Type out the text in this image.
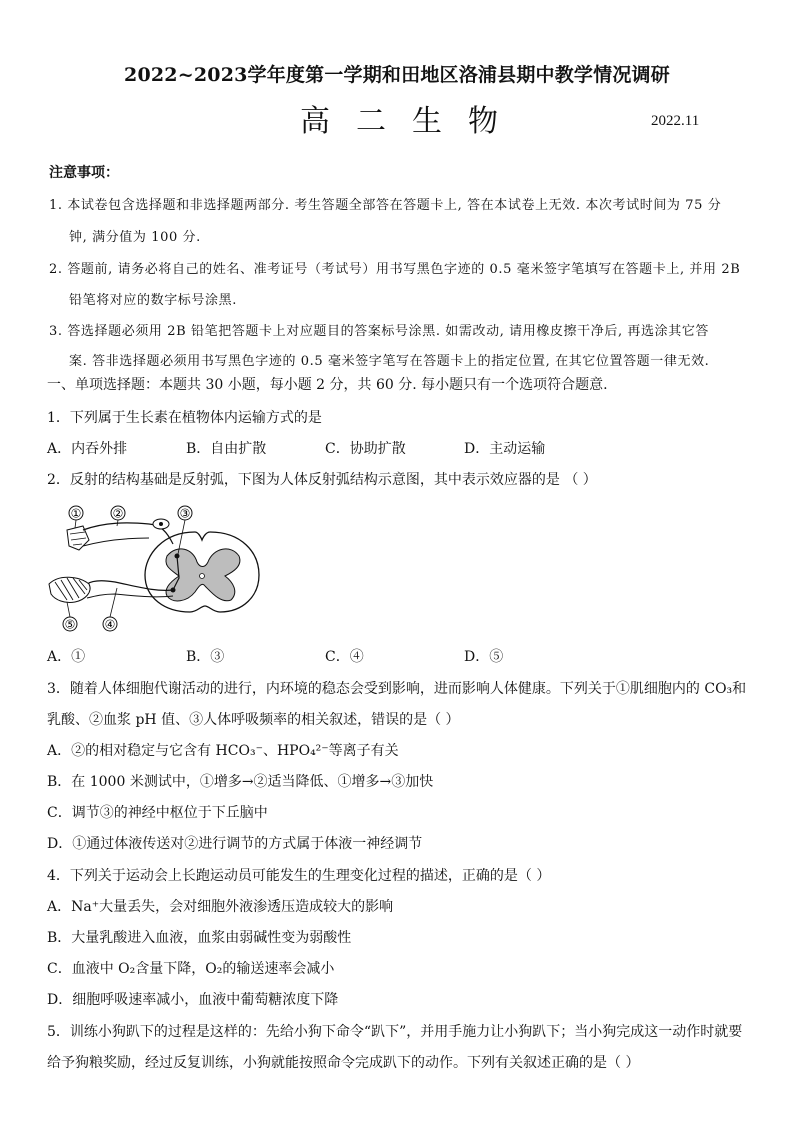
2022~2023学年度第一学期和田地区洛浦县期中教学情况调研
高二生物	2022.11
注意事项：
1. 本试卷包含选择题和非选择题两部分. 考生答题全部答在答题卡上, 答在本试卷上无效. 本次考试时间为 75 分
钟, 满分值为 100 分.
2. 答题前, 请务必将自己的姓名、准考证号（考试号）用书写黑色字迹的 0.5 毫米签字笔填写在答题卡上, 并用 2B
铅笔将对应的数字标号涂黑.
3. 答选择题必须用 2B 铅笔把答题卡上对应题目的答案标号涂黑. 如需改动, 请用橡皮擦干净后, 再选涂其它答
案. 答非选择题必须用书写黑色字迹的 0.5 毫米签字笔写在答题卡上的指定位置, 在其它位置答题一律无效.
一、单项选择题：本题共 30 小题，每小题 2 分，共 60 分. 每小题只有一个选项符合题意.
1．下列属于生长素在植物体内运输方式的是
A．内吞外排	B．自由扩散	C．协助扩散	D．主动运输
2．反射的结构基础是反射弧，下图为人体反射弧结构示意图，其中表示效应器的是 （ ）
①	②	③
④
⑤
A．①	B．③	C．④	D．⑤
3．随着人体细胞代谢活动的进行，内环境的稳态会受到影响，进而影响人体健康。下列关于①肌细胞内的 CO₃和
乳酸、②血浆 pH 值、③人体呼吸频率的相关叙述，错误的是（ ）
A．②的相对稳定与它含有 HCO₃⁻、HPO₄²⁻等离子有关
B．在 1000 米测试中，①增多→②适当降低、①增多→③加快
C．调节③的神经中枢位于下丘脑中
D．①通过体液传送对②进行调节的方式属于体液一神经调节
4．下列关于运动会上长跑运动员可能发生的生理变化过程的描述，正确的是（ ）
A．Na⁺大量丢失，会对细胞外液渗透压造成较大的影响
B．大量乳酸进入血液，血浆由弱碱性变为弱酸性
C．血液中 O₂含量下降，O₂的输送速率会减小
D．细胞呼吸速率减小，血液中葡萄糖浓度下降
5．训练小狗趴下的过程是这样的：先给小狗下命令“趴下”，并用手施力让小狗趴下；当小狗完成这一动作时就要
给予狗粮奖励，经过反复训练，小狗就能按照命令完成趴下的动作。下列有关叙述正确的是（ ）
